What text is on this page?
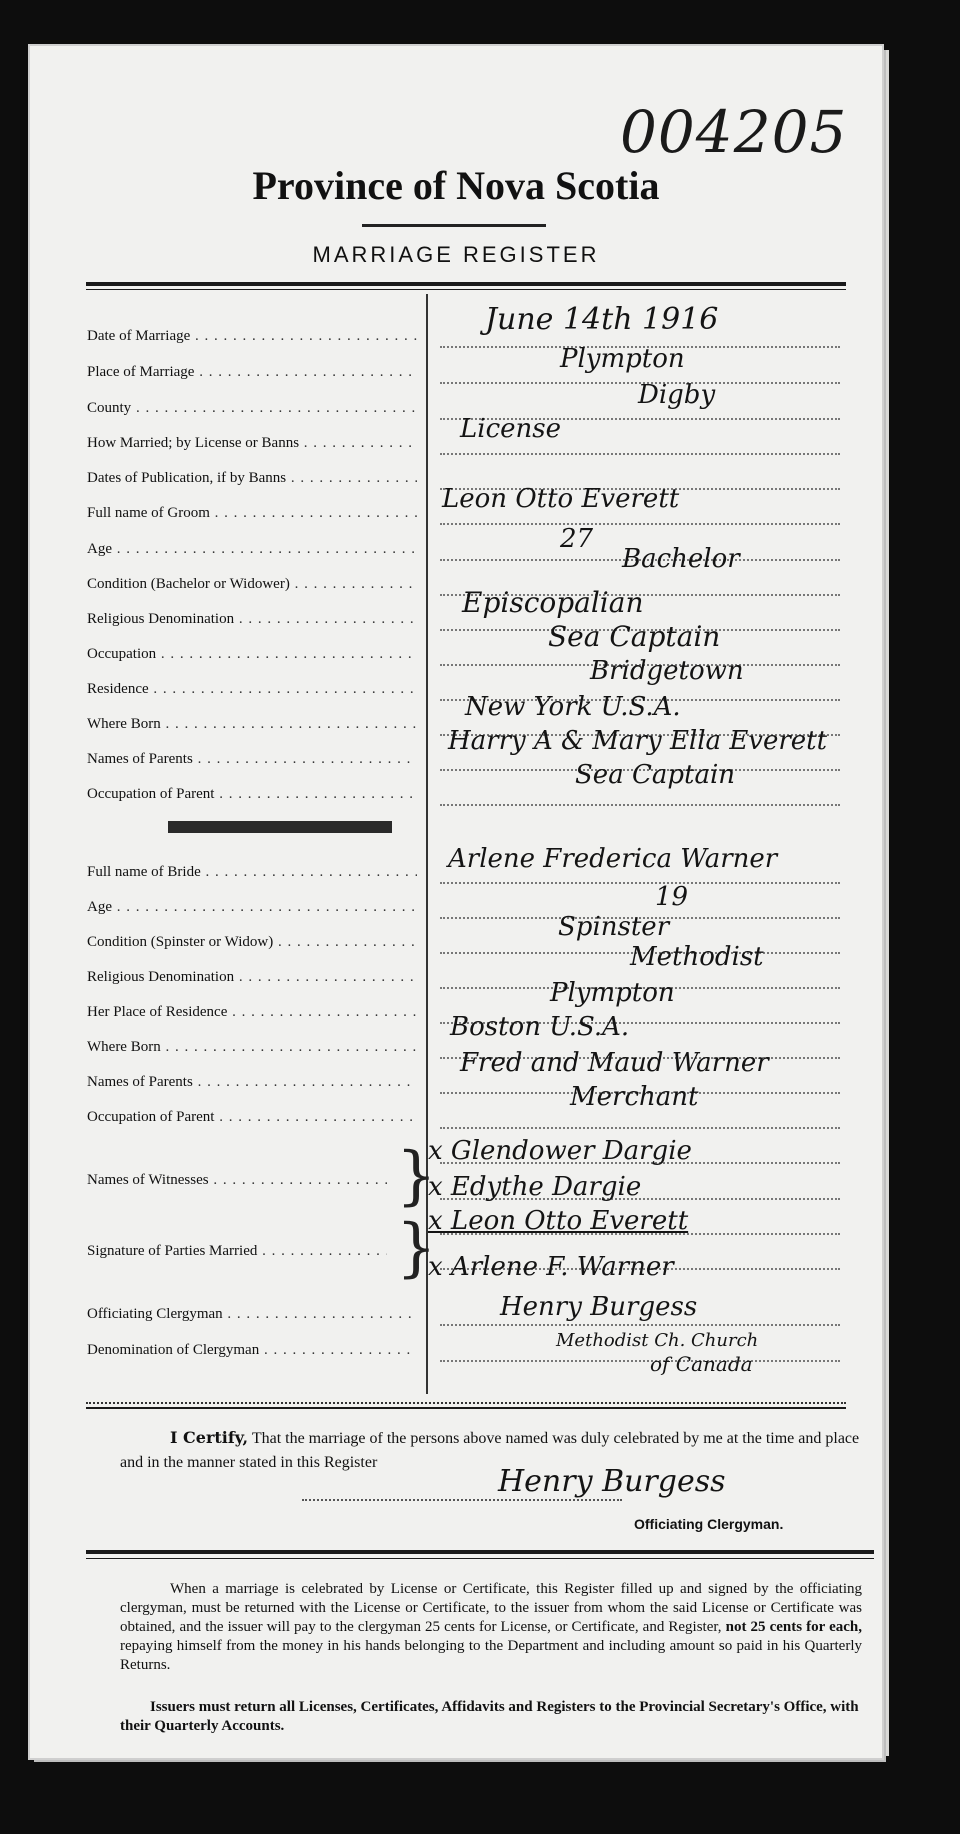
004205
Province of Nova Scotia
MARRIAGE REGISTER
Date of Marriage . . .
Place of Marriage . . .
County . . .
How Married; by License or Banns . . .
Dates of Publication, if by Banns . . .
Full name of Groom . . .
Age . . .
Condition (Bachelor or Widower) . . .
Religious Denomination . . .
Occupation . . .
Residence . . .
Where Born . . .
Names of Parents . . .
Occupation of Parent . . .
Full name of Bride . . .
Age . . .
Condition (Spinster or Widow) . . .
Religious Denomination . . .
Her Place of Residence . . .
Where Born . . .
Names of Parents . . .
Occupation of Parent . . .
Names of Witnesses . . .	}
Signature of Parties Married . . .	}
Officiating Clergyman . . .
Denomination of Clergyman . . .
June 14th 1916
Plympton
Digby
License
Leon Otto Everett
27
Bachelor
Episcopalian
Sea Captain
Bridgetown
New York U.S.A.
Harry A & Mary Ella Everett
Sea Captain
Arlene Frederica Warner
19
Spinster
Methodist
Plympton
Boston U.S.A.
Fred and Maud Warner
Merchant
x Glendower Dargie
x Edythe Dargie
x Leon Otto Everett
x Arlene F. Warner
Henry Burgess
Methodist Ch. Church
of Canada
I Certify, That the marriage of the persons above named was duly celebrated by me at the time and place and in the manner stated in this Register
Henry Burgess
Officiating Clergyman.
When a marriage is celebrated by License or Certificate, this Register filled up and signed by the officiating clergyman, must be returned with the License or Certificate, to the issuer from whom the said License or Certificate was obtained, and the issuer will pay to the clergyman 25 cents for License, or Certificate, and Register, not 25 cents for each, repaying himself from the money in his hands belonging to the Department and including amount so paid in his Quarterly Returns.
Issuers must return all Licenses, Certificates, Affidavits and Registers to the Provincial Secretary's Office, with their Quarterly Accounts.
